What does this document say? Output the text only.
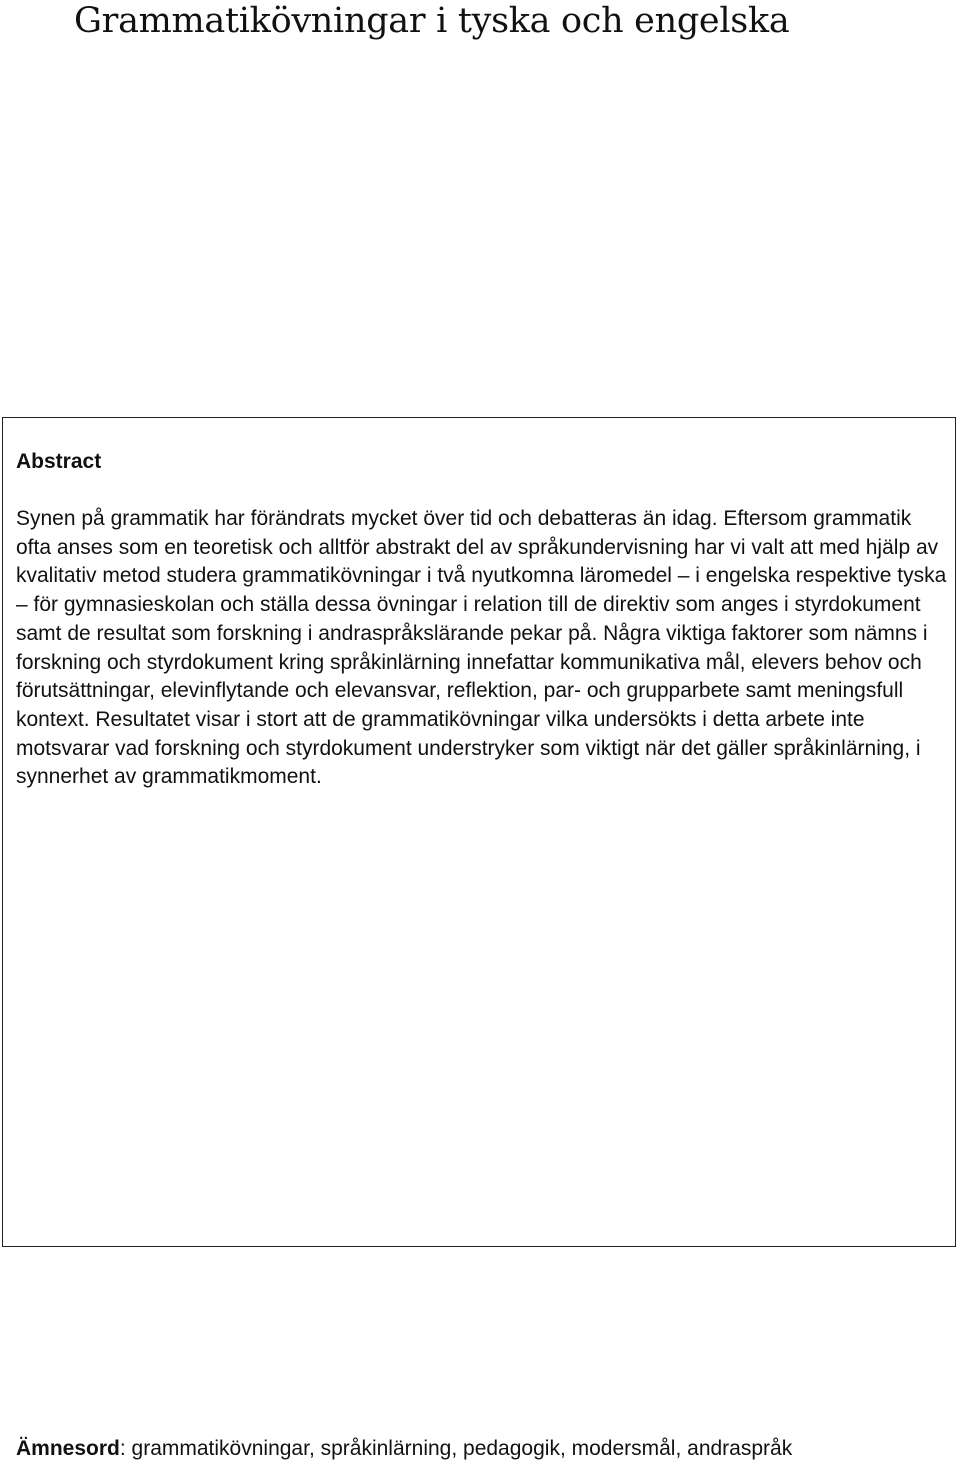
Grammatikövningar i tyska och engelska
Abstract

Synen på grammatik har förändrats mycket över tid och debatteras än idag. Eftersom grammatik ofta anses som en teoretisk och alltför abstrakt del av språkundervisning har vi valt att med hjälp av kvalitativ metod studera grammatikövningar i två nyutkomna läromedel – i engelska respektive tyska – för gymnasieskolan och ställa dessa övningar i relation till de direktiv som anges i styrdokument samt de resultat som forskning i andraspråkslärande pekar på. Några viktiga faktorer som nämns i forskning och styrdokument kring språkinlärning innefattar kommunikativa mål, elevers behov och förutsättningar, elevinflytande och elevansvar, reflektion, par- och grupparbete samt meningsfull kontext. Resultatet visar i stort att de grammatikövningar vilka undersökts i detta arbete inte motsvarar vad forskning och styrdokument understryker som viktigt när det gäller språkinlärning, i synnerhet av grammatikmoment.

Ämnesord: grammatikövningar, språkinlärning, pedagogik, modersmål, andraspråk
